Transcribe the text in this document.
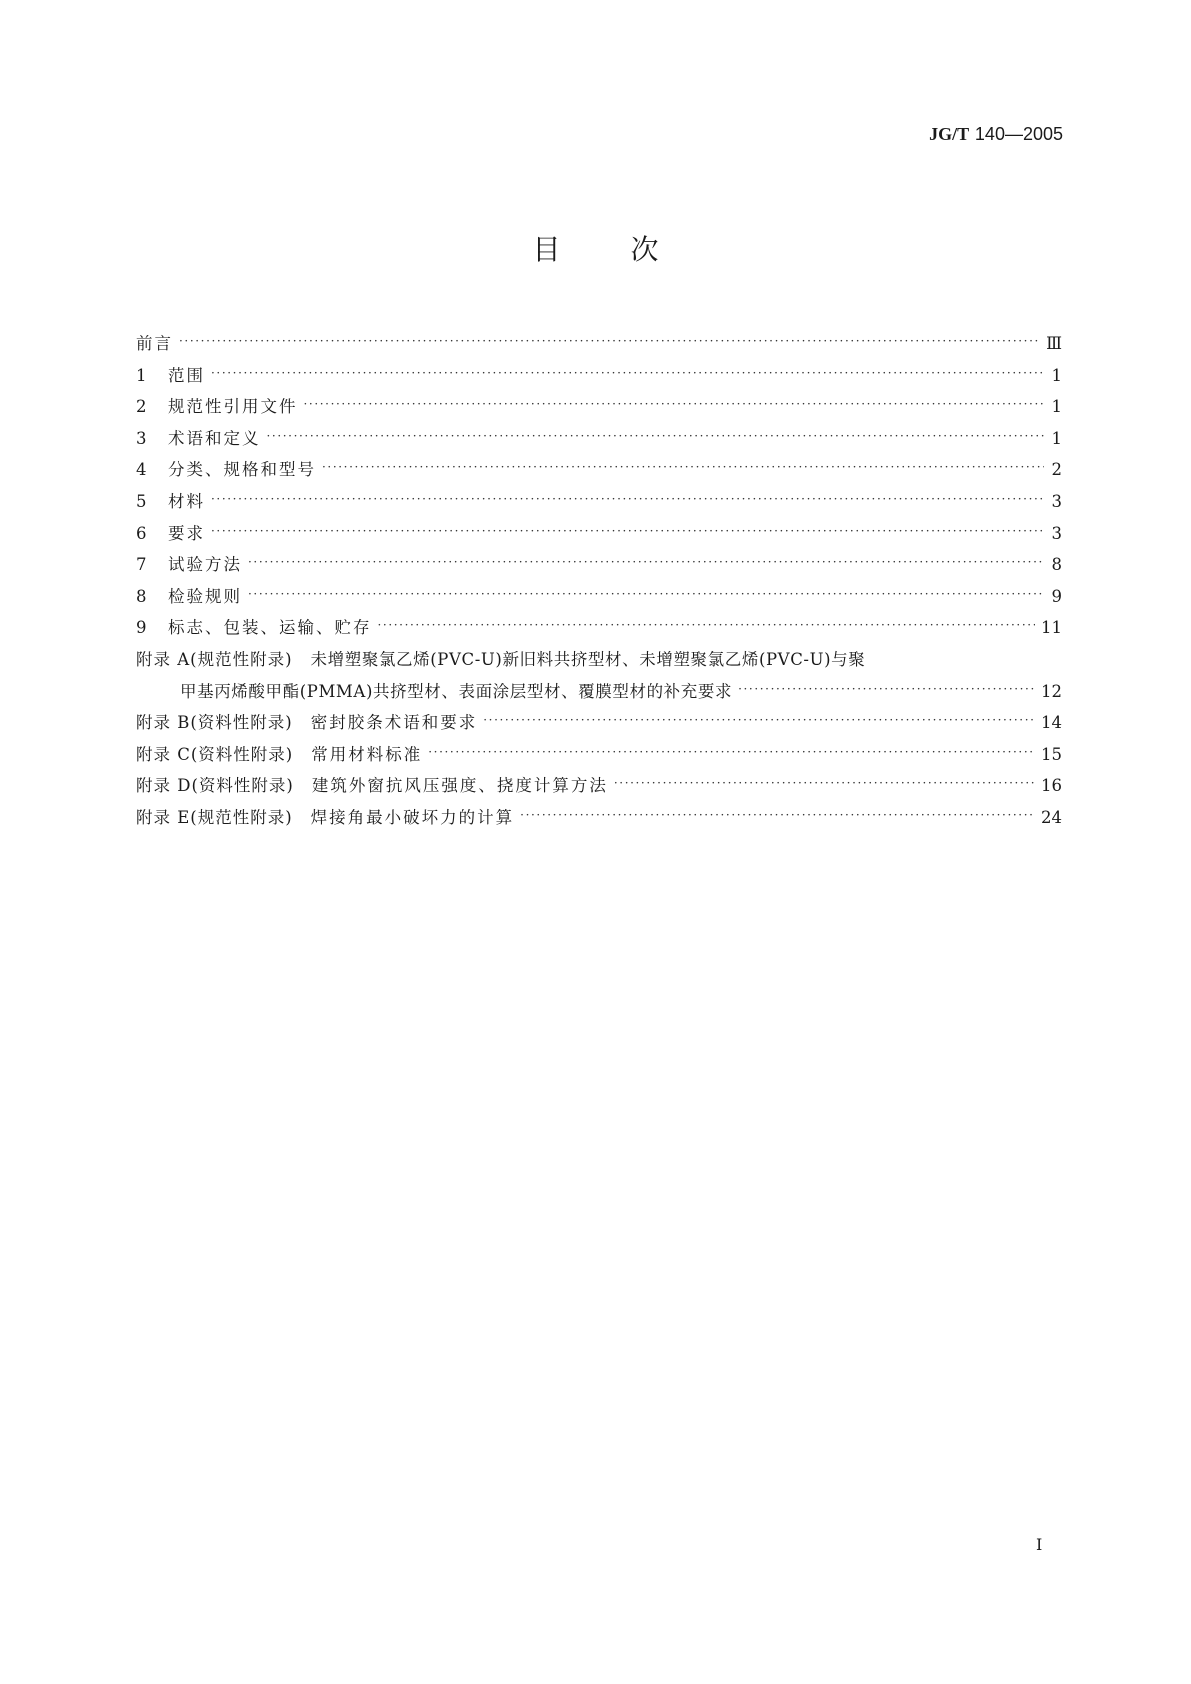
JG/T 140—2005
目	次
前言 ·····	Ⅲ
1	范围 ·····	1
2	规范性引用文件 ·····	1
3	术语和定义 ·····	1
4	分类、规格和型号 ·····	2
5	材料 ·····	3
6	要求 ·····	3
7	试验方法 ·····	8
8	检验规则 ·····	9
9	标志、包装、运输、贮存 ·····	11
附录 A(规范性附录) 未增塑聚氯乙烯(PVC-U)新旧料共挤型材、未增塑聚氯乙烯(PVC-U)与聚
甲基丙烯酸甲酯(PMMA)共挤型材、表面涂层型材、覆膜型材的补充要求 ·····	12
附录 B(资料性附录) 密封胶条术语和要求 ·····	14
附录 C(资料性附录) 常用材料标准 ·····	15
附录 D(资料性附录) 建筑外窗抗风压强度、挠度计算方法 ·····	16
附录 E(规范性附录) 焊接角最小破坏力的计算 ·····	24
I
